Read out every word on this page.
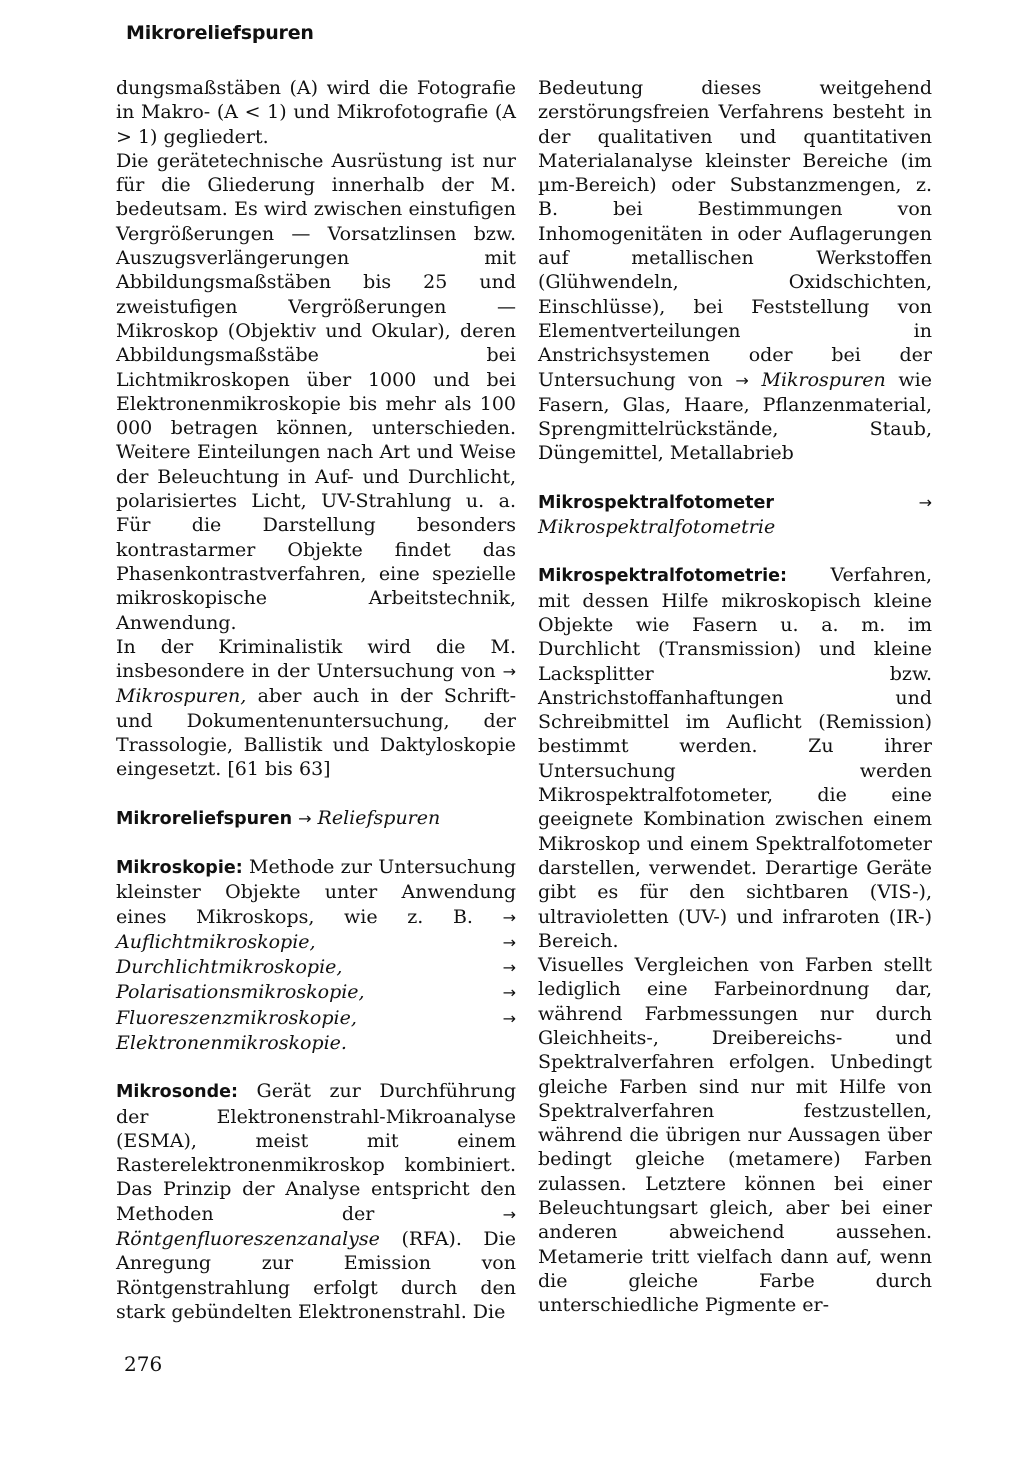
Mikroreliefspuren

dungsmaßstäben (A) wird die Fotografie in Makro- (A < 1) und Mikrofotografie (A > 1) gegliedert.

Die gerätetechnische Ausrüstung ist nur für die Gliederung innerhalb der M. bedeutsam. Es wird zwischen einstufigen Vergrößerungen — Vorsatzlinsen bzw. Auszugsverlängerungen mit Abbildungsmaßstäben bis 25 und zweistufigen Vergrößerungen — Mikroskop (Objektiv und Okular), deren Abbildungsmaßstäbe bei Lichtmikroskopen über 1000 und bei Elektronenmikroskopie bis mehr als 100 000 betragen können, unterschieden. Weitere Einteilungen nach Art und Weise der Beleuchtung in Auf- und Durchlicht, polarisiertes Licht, UV-Strahlung u. a. Für die Darstellung besonders kontrastarmer Objekte findet das Phasenkontrastverfahren, eine spezielle mikroskopische Arbeitstechnik, Anwendung.

In der Kriminalistik wird die M. insbesondere in der Untersuchung von → Mikrospuren, aber auch in der Schrift- und Dokumentenuntersuchung, der Trassologie, Ballistik und Daktyloskopie eingesetzt. [61 bis 63]

Mikroreliefspuren → Reliefspuren

Mikroskopie: Methode zur Untersuchung kleinster Objekte unter Anwendung eines Mikroskops, wie z. B. → Auflichtmikroskopie,	→ Durchlichtmikroskopie,	→ Polarisationsmikroskopie,	→ Fluoreszenzmikroskopie,	→ Elektronenmikroskopie.

Mikrosonde: Gerät zur Durchführung der Elektronenstrahl-Mikroanalyse (ESMA), meist mit einem Rasterelektronenmikroskop kombiniert. Das Prinzip der Analyse entspricht den Methoden der	→ Röntgenfluoreszenzanalyse (RFA). Die Anregung zur Emission von Röntgenstrahlung erfolgt durch den stark gebündelten Elektronenstrahl. Die

Bedeutung dieses weitgehend zerstörungsfreien Verfahrens besteht in der qualitativen und quantitativen Materialanalyse kleinster Bereiche (im µm-Bereich) oder Substanzmengen, z. B. bei Bestimmungen von Inhomogenitäten in oder Auflagerungen auf metallischen Werkstoffen (Glühwendeln, Oxidschichten, Einschlüsse), bei Feststellung von Elementverteilungen in Anstrichsystemen oder bei der Untersuchung von → Mikrospuren wie Fasern, Glas, Haare, Pflanzenmaterial, Sprengmittelrückstände, Staub, Düngemittel, Metallabrieb

Mikrospektralfotometer	→ Mikrospektralfotometrie

Mikrospektralfotometrie: Verfahren, mit dessen Hilfe mikroskopisch kleine Objekte wie Fasern u. a. m. im Durchlicht (Transmission) und kleine Lacksplitter bzw. Anstrichstoffanhaftungen und Schreibmittel im Auflicht (Remission) bestimmt werden. Zu ihrer Untersuchung werden Mikrospektralfotometer, die eine geeignete Kombination zwischen einem Mikroskop und einem Spektralfotometer darstellen, verwendet. Derartige Geräte gibt es für den sichtbaren (VIS-), ultravioletten (UV-) und infraroten (IR-) Bereich.

Visuelles Vergleichen von Farben stellt lediglich eine Farbeinordnung dar, während Farbmessungen nur durch Gleichheits-, Dreibereichs- und Spektralverfahren erfolgen. Unbedingt gleiche Farben sind nur mit Hilfe von Spektralverfahren festzustellen, während die übrigen nur Aussagen über bedingt gleiche (metamere) Farben zulassen. Letztere können bei einer Beleuchtungsart gleich, aber bei einer anderen abweichend aussehen. Metamerie tritt vielfach dann auf, wenn die gleiche Farbe durch unterschiedliche Pigmente er-

276
